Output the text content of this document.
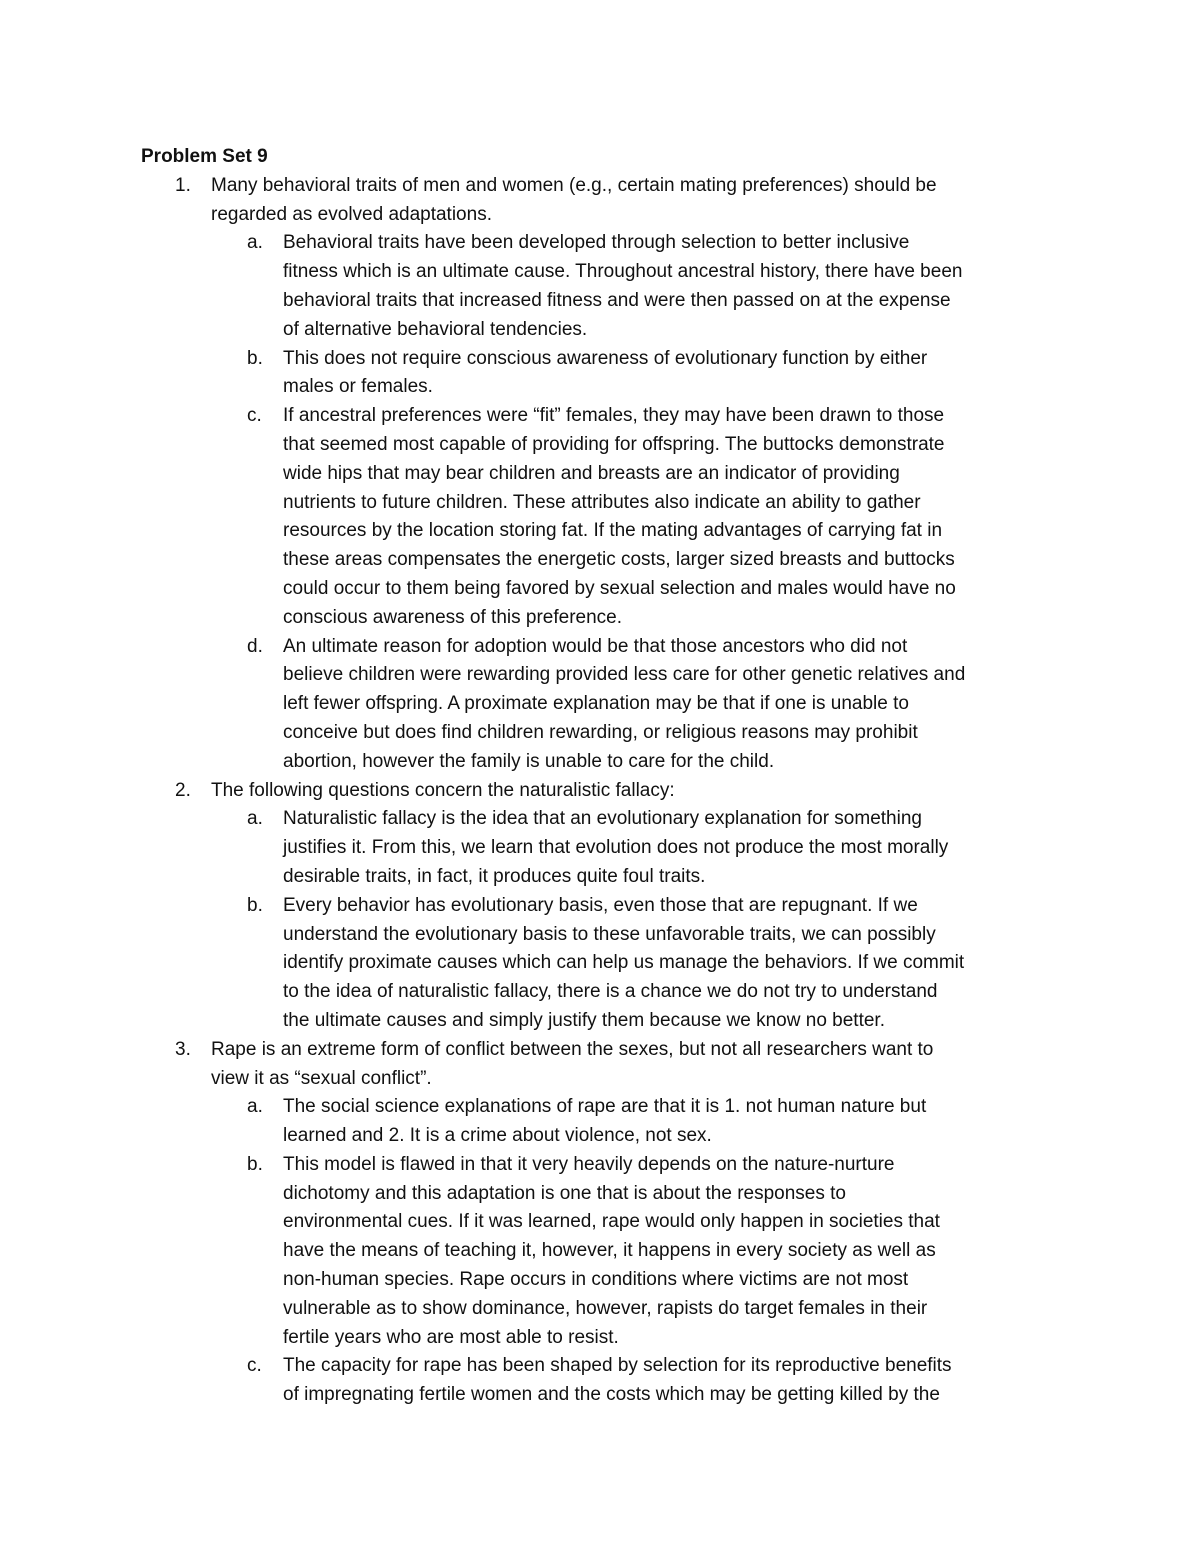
Problem Set 9
1.	Many behavioral traits of men and women (e.g., certain mating preferences) should be
regarded as evolved adaptations.
a.	Behavioral traits have been developed through selection to better inclusive
fitness which is an ultimate cause. Throughout ancestral history, there have been
behavioral traits that increased fitness and were then passed on at the expense
of alternative behavioral tendencies.
b.	This does not require conscious awareness of evolutionary function by either
males or females.
c.	If ancestral preferences were “fit” females, they may have been drawn to those
that seemed most capable of providing for offspring. The buttocks demonstrate
wide hips that may bear children and breasts are an indicator of providing
nutrients to future children. These attributes also indicate an ability to gather
resources by the location storing fat. If the mating advantages of carrying fat in
these areas compensates the energetic costs, larger sized breasts and buttocks
could occur to them being favored by sexual selection and males would have no
conscious awareness of this preference.
d.	An ultimate reason for adoption would be that those ancestors who did not
believe children were rewarding provided less care for other genetic relatives and
left fewer offspring. A proximate explanation may be that if one is unable to
conceive but does find children rewarding, or religious reasons may prohibit
abortion, however the family is unable to care for the child.
2.	The following questions concern the naturalistic fallacy:
a.	Naturalistic fallacy is the idea that an evolutionary explanation for something
justifies it. From this, we learn that evolution does not produce the most morally
desirable traits, in fact, it produces quite foul traits.
b.	Every behavior has evolutionary basis, even those that are repugnant. If we
understand the evolutionary basis to these unfavorable traits, we can possibly
identify proximate causes which can help us manage the behaviors. If we commit
to the idea of naturalistic fallacy, there is a chance we do not try to understand
the ultimate causes and simply justify them because we know no better.
3.	Rape is an extreme form of conflict between the sexes, but not all researchers want to
view it as “sexual conflict”.
a.	The social science explanations of rape are that it is 1. not human nature but
learned and 2. It is a crime about violence, not sex.
b.	This model is flawed in that it very heavily depends on the nature-nurture
dichotomy and this adaptation is one that is about the responses to
environmental cues. If it was learned, rape would only happen in societies that
have the means of teaching it, however, it happens in every society as well as
non-human species. Rape occurs in conditions where victims are not most
vulnerable as to show dominance, however, rapists do target females in their
fertile years who are most able to resist.
c.	The capacity for rape has been shaped by selection for its reproductive benefits
of impregnating fertile women and the costs which may be getting killed by the
